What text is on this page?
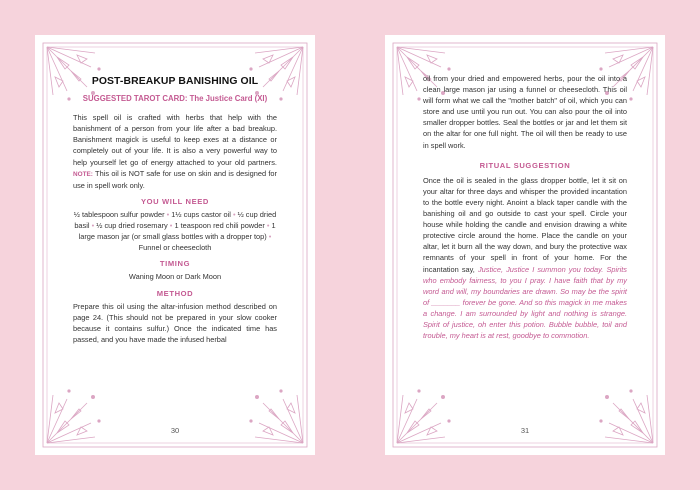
POST-BREAKUP BANISHING OIL
SUGGESTED TAROT CARD: The Justice Card (XI)

This spell oil is crafted with herbs that help with the banishment of a person from your life after a bad breakup. Banishment magick is useful to keep exes at a distance or completely out of your life. It is also a very powerful way to help yourself let go of energy attached to your old partners. NOTE: This oil is NOT safe for use on skin and is designed for use in spell work only.

YOU WILL NEED

½ tablespoon sulfur powder • 1½ cups castor oil • ½ cup dried basil • ½ cup dried rosemary • 1 teaspoon red chili powder • 1 large mason jar (or small glass bottles with a dropper top) • Funnel or cheesecloth

TIMING

Waning Moon or Dark Moon

METHOD

Prepare this oil using the altar-infusion method described on page 24. (This should not be prepared in your slow cooker because it contains sulfur.) Once the indicated time has passed, and you have made the infused herbal

30

oil from your dried and empowered herbs, pour the oil into a clean large mason jar using a funnel or cheesecloth. This oil will form what we call the "mother batch" of oil, which you can store and use until you run out. You can also pour the oil into smaller dropper bottles. Seal the bottles or jar and let them sit on the altar for one full night. The oil will then be ready to use in spell work.

RITUAL SUGGESTION

Once the oil is sealed in the glass dropper bottle, let it sit on your altar for three days and whisper the provided incantation to the bottle every night. Anoint a black taper candle with the banishing oil and go outside to cast your spell. Circle your house while holding the candle and envision drawing a white protective circle around the home. Place the candle on your altar, let it burn all the way down, and bury the protective wax remnants of your spell in front of your home. For the incantation say, Justice, Justice I summon you today. Spirits who embody fairness, to you I pray. I have faith that by my word and will, my boundaries are drawn. So may be the spirit of _______ forever be gone. And so this magick in me makes a change. I am surrounded by light and nothing is strange. Spirit of justice, oh enter this potion. Bubble bubble, toil and trouble, my heart is at rest, goodbye to commotion.

31
